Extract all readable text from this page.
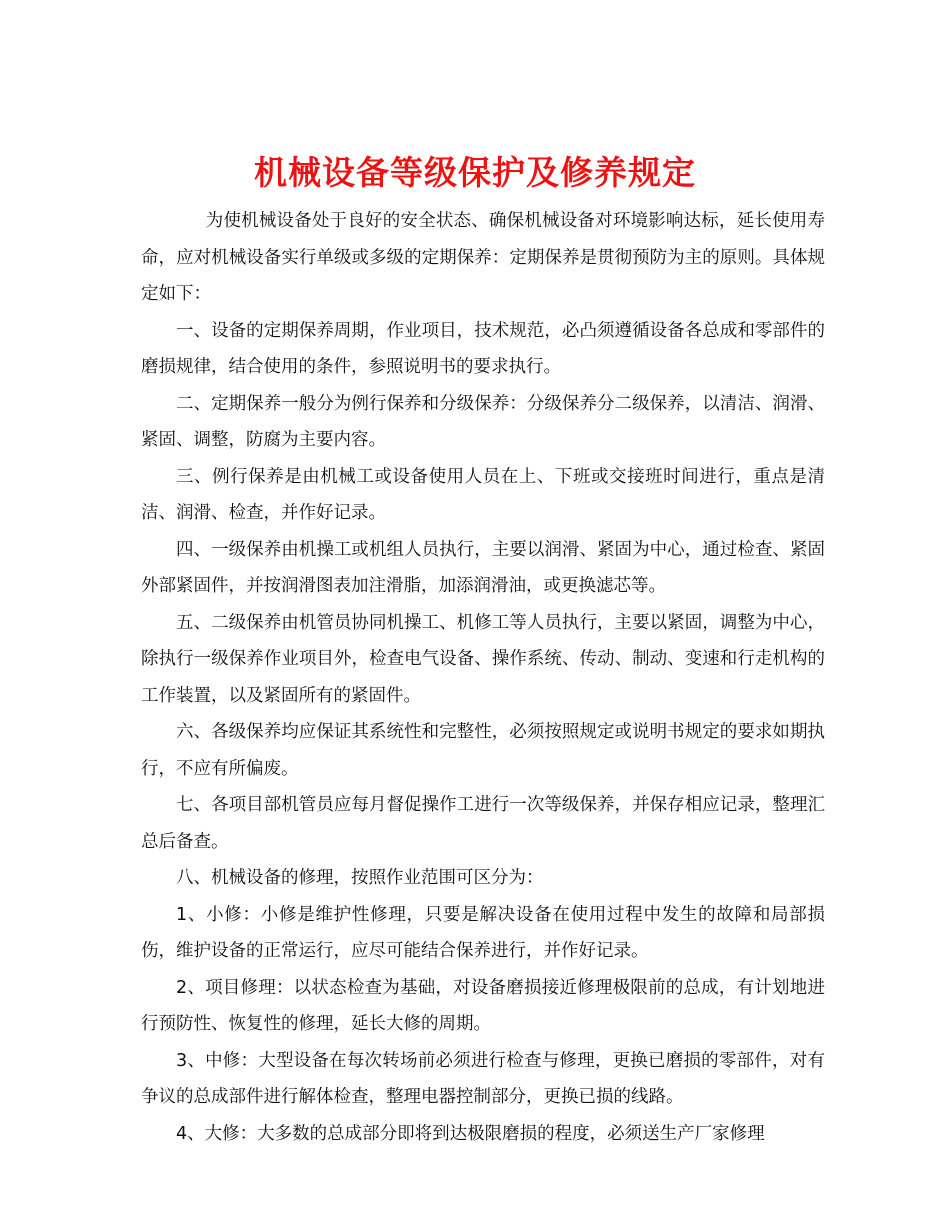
机械设备等级保护及修养规定

为使机械设备处于良好的安全状态、确保机械设备对环境影响达标，延长使用寿命，应对机械设备实行单级或多级的定期保养：定期保养是贯彻预防为主的原则。具体规定如下：

一、设备的定期保养周期，作业项目，技术规范，必凸须遵循设备各总成和零部件的磨损规律，结合使用的条件，参照说明书的要求执行。

二、定期保养一般分为例行保养和分级保养：分级保养分二级保养，以清洁、润滑、紧固、调整，防腐为主要内容。

三、例行保养是由机械工或设备使用人员在上、下班或交接班时间进行，重点是清洁、润滑、检查，并作好记录。

四、一级保养由机操工或机组人员执行，主要以润滑、紧固为中心，通过检查、紧固外部紧固件，并按润滑图表加注滑脂，加添润滑油，或更换滤芯等。

五、二级保养由机管员协同机操工、机修工等人员执行，主要以紧固，调整为中心，除执行一级保养作业项目外，检查电气设备、操作系统、传动、制动、变速和行走机构的工作装置，以及紧固所有的紧固件。

六、各级保养均应保证其系统性和完整性，必须按照规定或说明书规定的要求如期执行，不应有所偏废。

七、各项目部机管员应每月督促操作工进行一次等级保养，并保存相应记录，整理汇总后备查。

八、机械设备的修理，按照作业范围可区分为：

1、小修：小修是维护性修理，只要是解决设备在使用过程中发生的故障和局部损伤，维护设备的正常运行，应尽可能结合保养进行，并作好记录。

2、项目修理：以状态检查为基础，对设备磨损接近修理极限前的总成，有计划地进行预防性、恢复性的修理，延长大修的周期。

3、中修：大型设备在每次转场前必须进行检查与修理，更换已磨损的零部件，对有争议的总成部件进行解体检查，整理电器控制部分，更换已损的线路。

4、大修：大多数的总成部分即将到达极限磨损的程度，必须送生产厂家修理
